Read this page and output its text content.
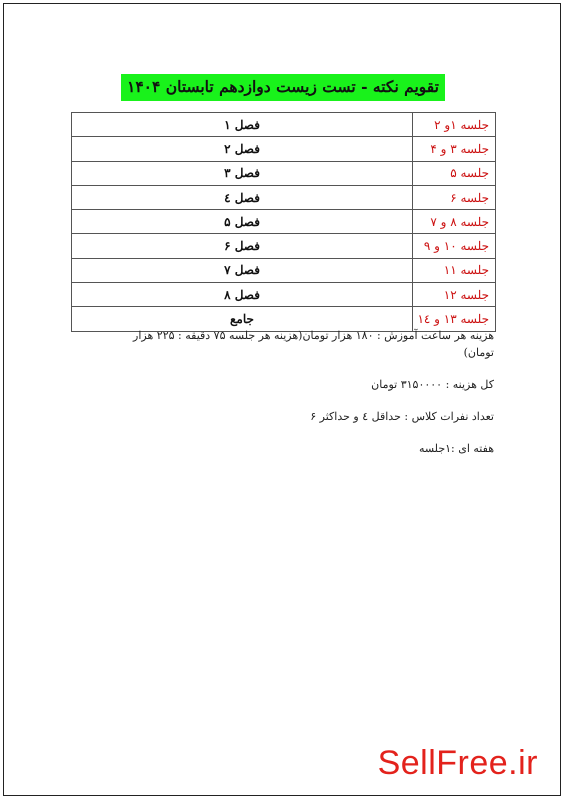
تقویم نکته - تست زیست دوازدهم تابستان ۱۴۰۴
جلسه ۱و ۲	فصل ۱
جلسه ۳ و ۴	فصل ۲
جلسه ۵	فصل ۳
جلسه ۶	فصل ٤
جلسه ۸ و ۷	فصل ۵
جلسه ۱۰ و ۹	فصل ۶
جلسه ۱۱	فصل ۷
جلسه ۱۲	فصل ۸
جلسه ۱۳ و ۱٤	جامع

هزینه هر ساعت آموزش : ۱۸۰ هزار تومان(هزینه هر جلسه ۷۵ دقیقه : ۲۲۵ هزار

تومان)

کل هزینه : ۳۱۵۰۰۰۰ تومان

تعداد نفرات کلاس : حداقل ٤ و حداکثر ۶

هفته ای :۱جلسه

SellFree.ir
